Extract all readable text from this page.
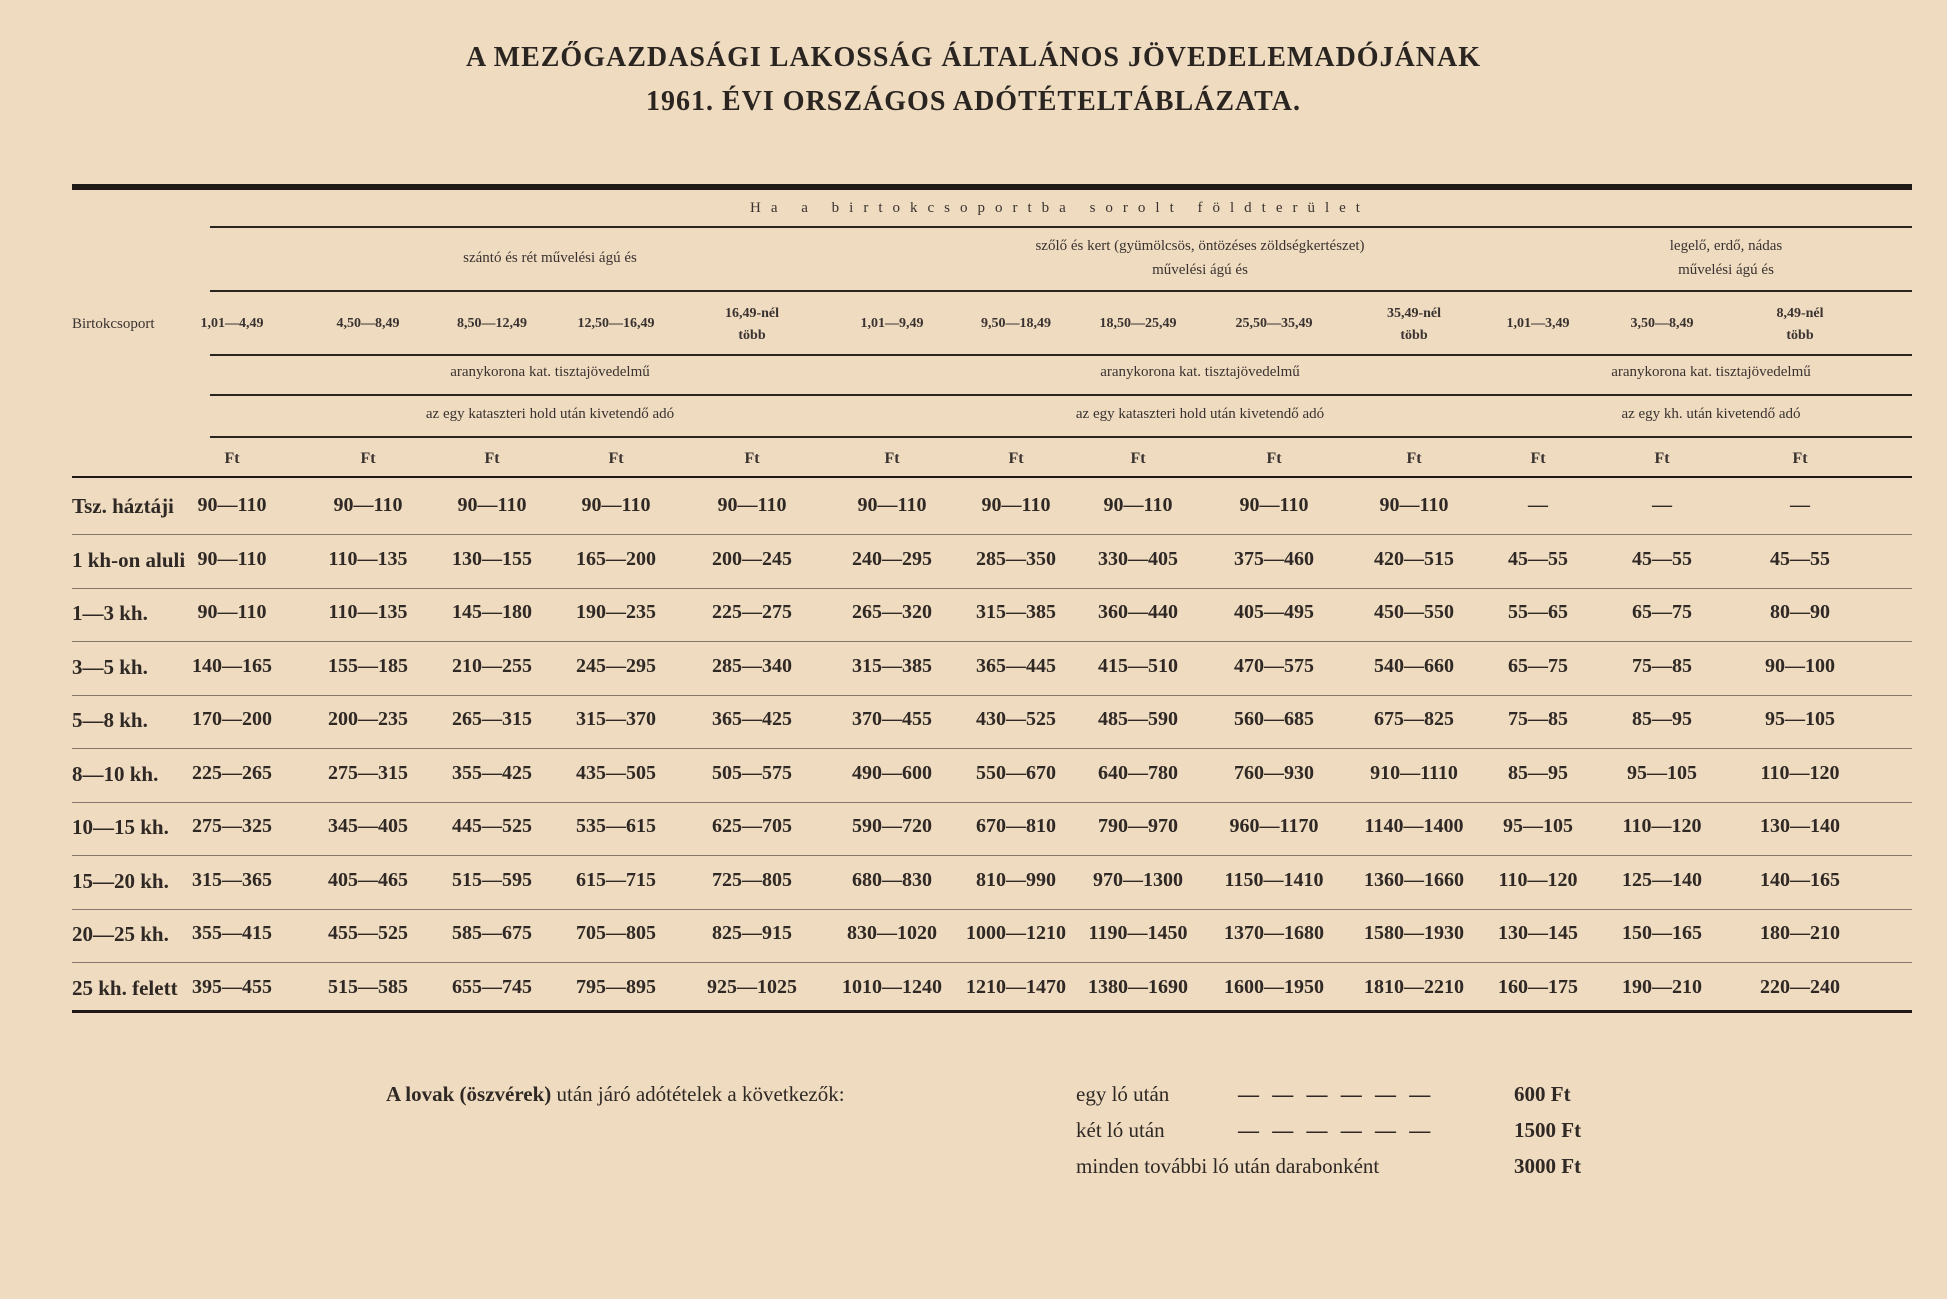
A MEZŐGAZDASÁGI LAKOSSÁG ÁLTALÁNOS JÖVEDELEMADÓJÁNAK
1961. ÉVI ORSZÁGOS ADÓTÉTELTÁBLÁZATA.
Ha a birtokcsoportba sorolt földterület
szántó és rét művelési ágú és
szőlő és kert (gyümölcsös, öntözéses zöldségkertészet)
művelési ágú és
legelő, erdő, nádas
művelési ágú és
Birtokcsoport	1,01—4,49	4,50—8,49	8,50—12,49	12,50—16,49
16,49-nél
több
1,01—9,49	9,50—18,49	18,50—25,49	25,50—35,49
35,49-nél
több
1,01—3,49	3,50—8,49
8,49-nél
több
aranykorona kat. tisztajövedelmű	aranykorona kat. tisztajövedelmű	aranykorona kat. tisztajövedelmű
az egy kataszteri hold után kivetendő adó	az egy kataszteri hold után kivetendő adó	az egy kh. után kivetendő adó
Ft	Ft	Ft	Ft	Ft	Ft	Ft	Ft	Ft	Ft	Ft	Ft	Ft
Tsz. háztáji	90—110	90—110	90—110	90—110	90—110	90—110	90—110	90—110	90—110	90—110	—	—	—
1 kh-on aluli 90—110	110—135	130—155	165—200	200—245	240—295	285—350	330—405	375—460	420—515	45—55	45—55	45—55
1—3 kh.	90—110	110—135	145—180	190—235	225—275	265—320	315—385	360—440	405—495	450—550	55—65	65—75	80—90
3—5 kh.	140—165	155—185	210—255	245—295	285—340	315—385	365—445	415—510	470—575	540—660	65—75	75—85	90—100
5—8 kh.	170—200	200—235	265—315	315—370	365—425	370—455	430—525	485—590	560—685	675—825	75—85	85—95	95—105
8—10 kh.	225—265	275—315	355—425	435—505	505—575	490—600	550—670	640—780	760—930	910—1110	85—95	95—105	110—120
10—15 kh.	275—325	345—405	445—525	535—615	625—705	590—720	670—810	790—970	960—1170	1140—1400	95—105	110—120	130—140
15—20 kh.	315—365	405—465	515—595	615—715	725—805	680—830	810—990	970—1300	1150—1410	1360—1660	110—120	125—140	140—165
20—25 kh.	355—415	455—525	585—675	705—805	825—915	830—1020	1000—1210	1190—1450	1370—1680	1580—1930	130—145	150—165	180—210
25 kh. felett 395—455	515—585	655—745	795—895	925—1025	1010—1240	1210—1470	1380—1690	1600—1950	1810—2210	160—175	190—210	220—240
A lovak (öszvérek) után járó adótételek a következők:	egy ló után	— — — — — —	600 Ft
két ló után	— — — — — —	1500 Ft
minden további ló után darabonként	3000 Ft
